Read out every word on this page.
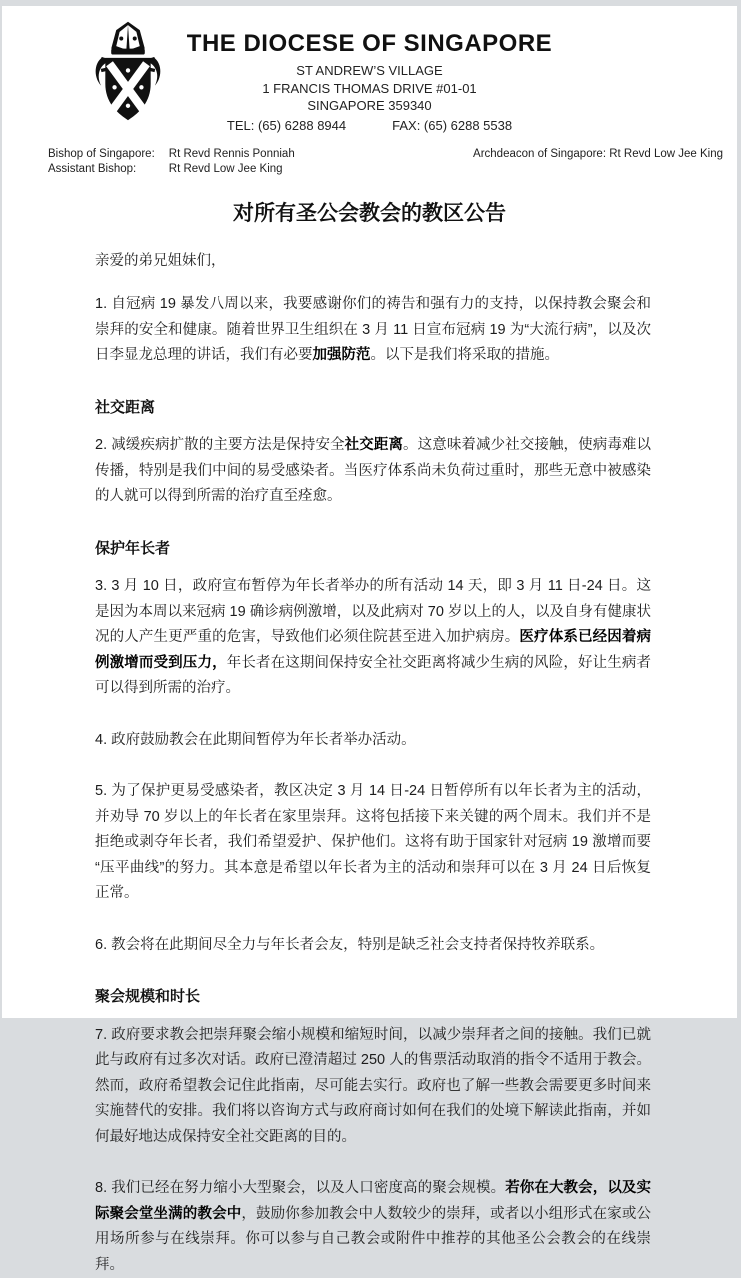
THE DIOCESE OF SINGAPORE
ST ANDREW’S VILLAGE
1 FRANCIS THOMAS DRIVE #01-01
SINGAPORE 359340
TEL: (65) 6288 8944	FAX: (65) 6288 5538
Bishop of Singapore: Rt Revd Rennis Ponniah
Assistant Bishop:	Rt Revd Low Jee King
Archdeacon of Singapore: Rt Revd Low Jee King
对所有圣公会教会的教区公告

亲爱的弟兄姐妹们，

1. 自冠病 19 暴发八周以来，我要感谢你们的祷告和强有力的支持，以保持教会聚会和崇拜的安全和健康。随着世界卫生组织在 3 月 11 日宣布冠病 19 为“大流行病”，以及次日李显龙总理的讲话，我们有必要加强防范。以下是我们将采取的措施。

社交距离

2. 减缓疾病扩散的主要方法是保持安全社交距离。这意味着减少社交接触，使病毒难以传播，特别是我们中间的易受感染者。当医疗体系尚未负荷过重时，那些无意中被感染的人就可以得到所需的治疗直至痊愈。

保护年长者

3. 3 月 10 日，政府宣布暂停为年长者举办的所有活动 14 天，即 3 月 11 日-24 日。这是因为本周以来冠病 19 确诊病例激增，以及此病对 70 岁以上的人，以及自身有健康状况的人产生更严重的危害，导致他们必须住院甚至进入加护病房。医疗体系已经因着病例激增而受到压力，年长者在这期间保持安全社交距离将减少生病的风险，好让生病者可以得到所需的治疗。

4. 政府鼓励教会在此期间暂停为年长者举办活动。

5. 为了保护更易受感染者，教区决定 3 月 14 日-24 日暂停所有以年长者为主的活动，并劝导 70 岁以上的年长者在家里崇拜。这将包括接下来关键的两个周末。我们并不是拒绝或剥夺年长者，我们希望爱护、保护他们。这将有助于国家针对冠病 19 激增而要“压平曲线”的努力。其本意是希望以年长者为主的活动和崇拜可以在 3 月 24 日后恢复正常。

6. 教会将在此期间尽全力与年长者会友，特别是缺乏社会支持者保持牧养联系。

聚会规模和时长

7. 政府要求教会把崇拜聚会缩小规模和缩短时间，以减少崇拜者之间的接触。我们已就此与政府有过多次对话。政府已澄清超过 250 人的售票活动取消的指令不适用于教会。然而，政府希望教会记住此指南，尽可能去实行。政府也了解一些教会需要更多时间来实施替代的安排。我们将以咨询方式与政府商讨如何在我们的处境下解读此指南，并如何最好地达成保持安全社交距离的目的。

8. 我们已经在努力缩小大型聚会，以及人口密度高的聚会规模。若你在大教会，以及实际聚会堂坐满的教会中，鼓励你参加教会中人数较少的崇拜，或者以小组形式在家或公用场所参与在线崇拜。你可以参与自己教会或附件中推荐的其他圣公会教会的在线崇拜。
